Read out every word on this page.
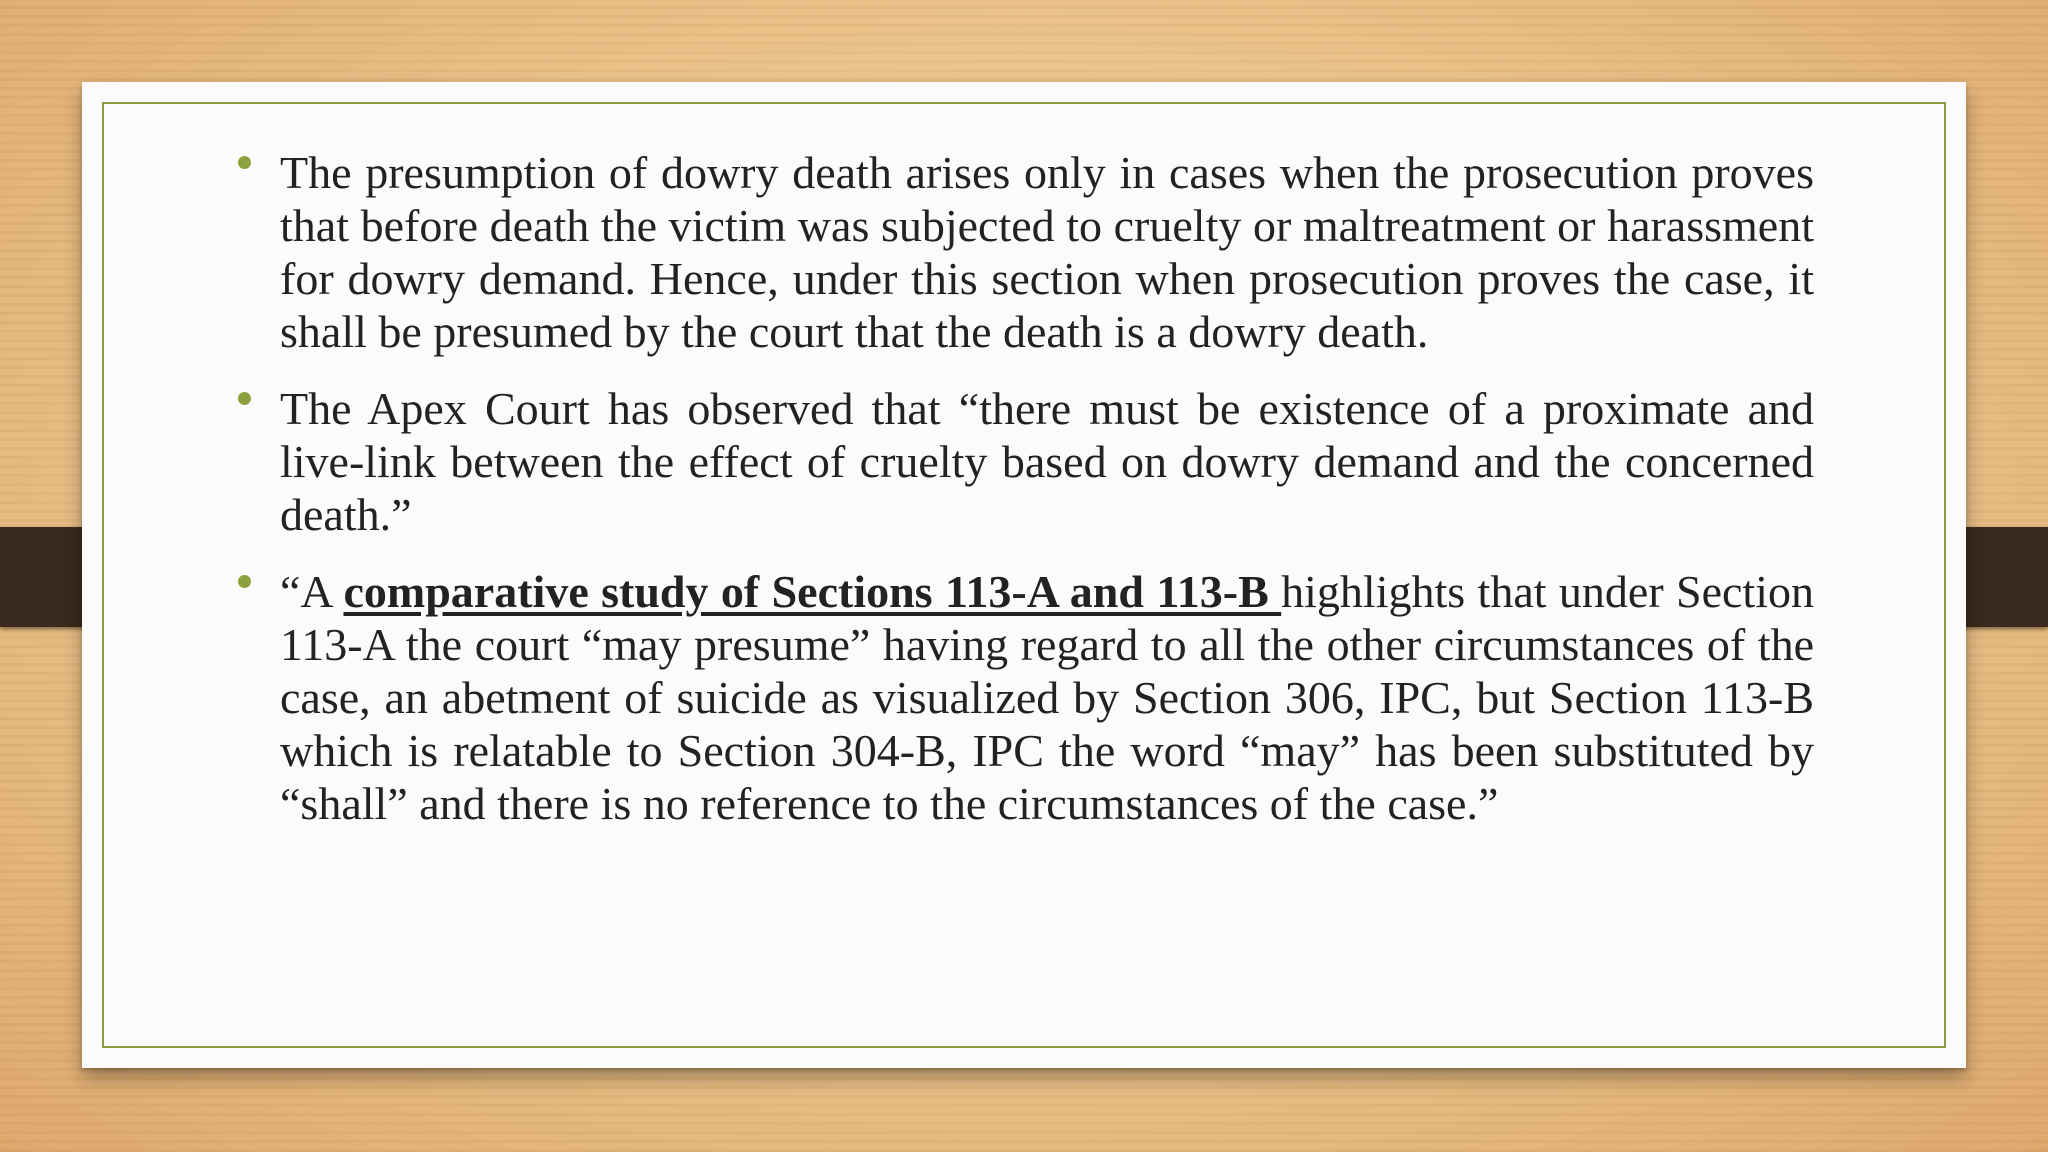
The presumption of dowry death arises only in cases when the prosecution proves that before death the victim was subjected to cruelty or maltreatment or harassment for dowry demand. Hence, under this section when prosecution proves the case, it shall be presumed by the court that the death is a dowry death.

The Apex Court has observed that “there must be existence of a proximate and live-link between the effect of cruelty based on dowry demand and the concerned death.”

“A comparative study of Sections 113-A and 113-B highlights that under Section 113-A the court “may presume” having regard to all the other circumstances of the case, an abetment of suicide as visualized by Section 306, IPC, but Section 113-B which is relatable to Section 304-B, IPC the word “may” has been substituted by “shall” and there is no reference to the circumstances of the case.”
